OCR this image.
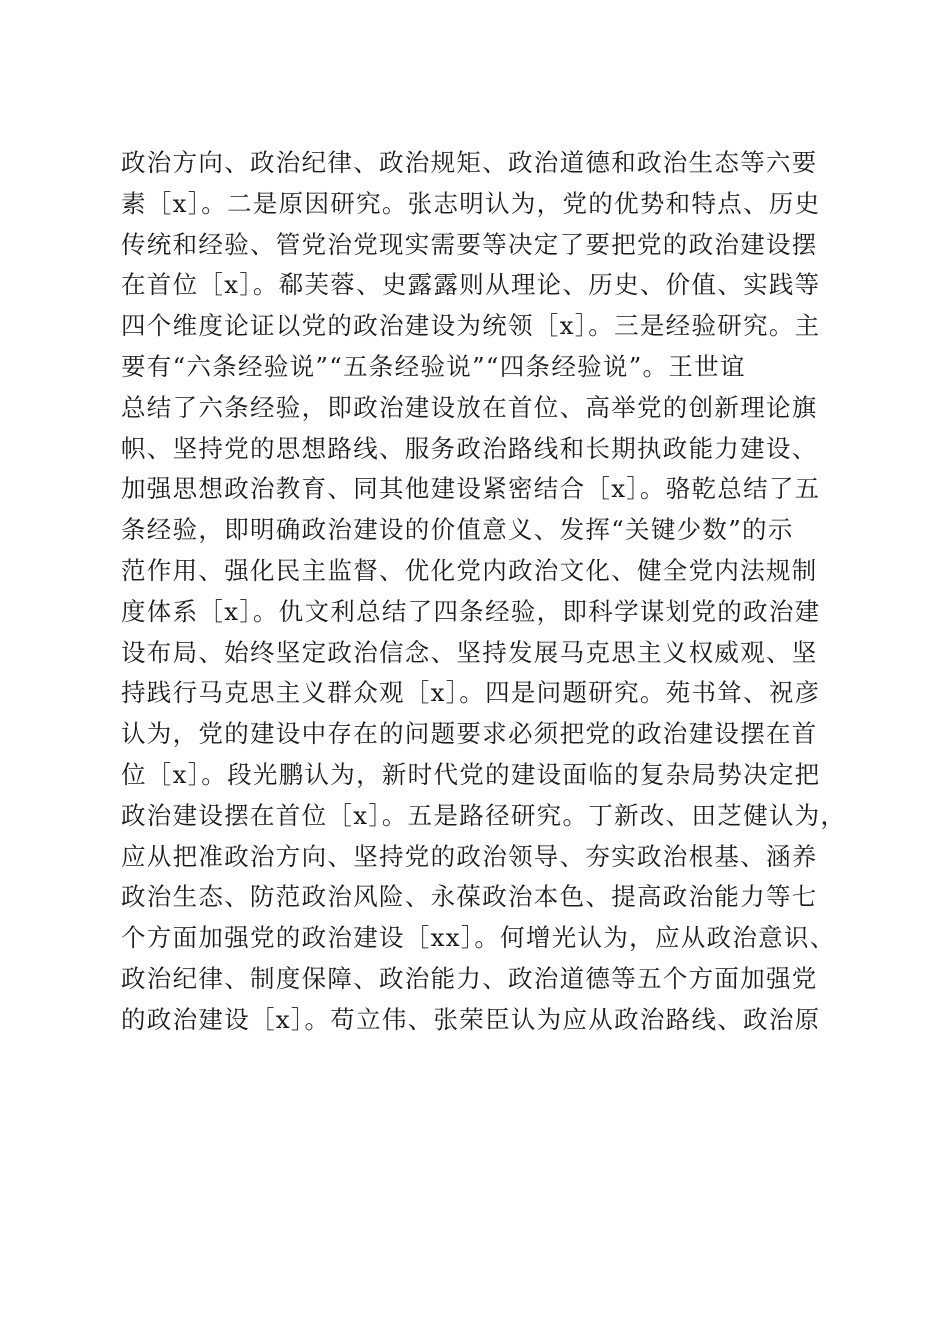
政治方向、政治纪律、政治规矩、政治道德和政治生态等六要
素［x］。二是原因研究。张志明认为，党的优势和特点、历史
传统和经验、管党治党现实需要等决定了要把党的政治建设摆
在首位［x］。郗芙蓉、史露露则从理论、历史、价值、实践等
四个维度论证以党的政治建设为统领［x］。三是经验研究。主
要有“六条经验说”“五条经验说”“四条经验说”。王世谊
总结了六条经验，即政治建设放在首位、高举党的创新理论旗
帜、坚持党的思想路线、服务政治路线和长期执政能力建设、
加强思想政治教育、同其他建设紧密结合［x］。骆乾总结了五
条经验，即明确政治建设的价值意义、发挥“关键少数”的示
范作用、强化民主监督、优化党内政治文化、健全党内法规制
度体系［x］。仇文利总结了四条经验，即科学谋划党的政治建
设布局、始终坚定政治信念、坚持发展马克思主义权威观、坚
持践行马克思主义群众观［x］。四是问题研究。苑书耸、祝彦
认为，党的建设中存在的问题要求必须把党的政治建设摆在首
位［x］。段光鹏认为，新时代党的建设面临的复杂局势决定把
政治建设摆在首位［x］。五是路径研究。丁新改、田芝健认为，
应从把准政治方向、坚持党的政治领导、夯实政治根基、涵养
政治生态、防范政治风险、永葆政治本色、提高政治能力等七
个方面加强党的政治建设［xx］。何增光认为，应从政治意识、
政治纪律、制度保障、政治能力、政治道德等五个方面加强党
的政治建设［x］。苟立伟、张荣臣认为应从政治路线、政治原
